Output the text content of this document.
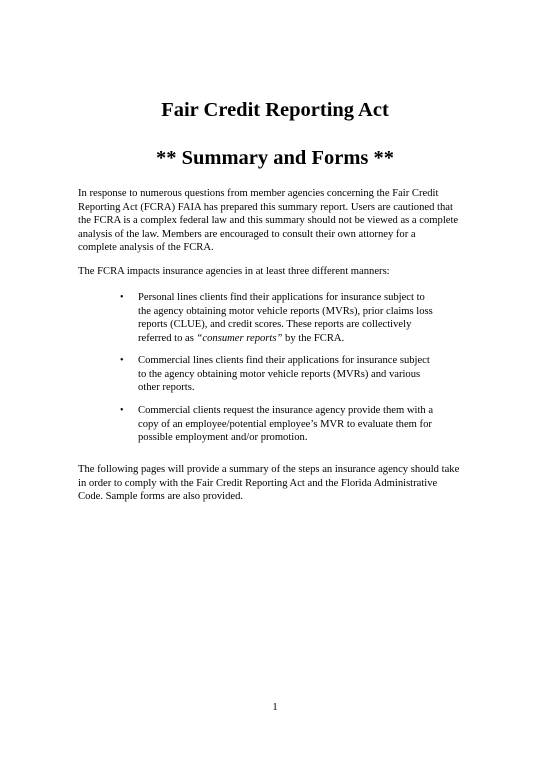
Fair Credit Reporting Act
** Summary and Forms **
In response to numerous questions from member agencies concerning the Fair Credit
Reporting Act (FCRA) FAIA has prepared this summary report. Users are cautioned that
the FCRA is a complex federal law and this summary should not be viewed as a complete
analysis of the law. Members are encouraged to consult their own attorney for a
complete analysis of the FCRA.
The FCRA impacts insurance agencies in at least three different manners:
•	Personal lines clients find their applications for insurance subject to
the agency obtaining motor vehicle reports (MVRs), prior claims loss
reports (CLUE), and credit scores. These reports are collectively
referred to as “consumer reports” by the FCRA.
•	Commercial lines clients find their applications for insurance subject
to the agency obtaining motor vehicle reports (MVRs) and various
other reports.
•	Commercial clients request the insurance agency provide them with a
copy of an employee/potential employee’s MVR to evaluate them for
possible employment and/or promotion.
The following pages will provide a summary of the steps an insurance agency should take
in order to comply with the Fair Credit Reporting Act and the Florida Administrative
Code. Sample forms are also provided.
1
